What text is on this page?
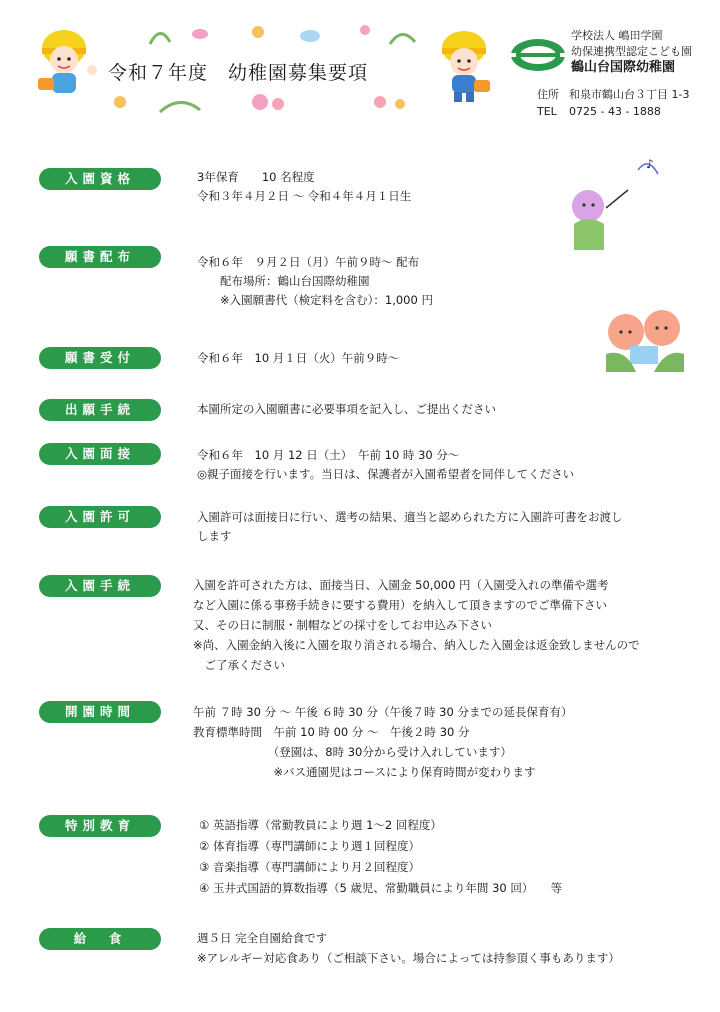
♪
令和７年度　幼稚園募集要項
学校法人 嶋田学園
幼保連携型認定こども園
鶴山台国際幼稚園
住所 和泉市鶴山台３丁目 1-3
TEL 0725 - 43 - 1888
入園資格	3年保育　　10 名程度
令和３年４月２日 ～ 令和４年４月１日生
願書配布	令和６年　９月２日（月）午前９時～ 配布
　　配布場所：鶴山台国際幼稚園
　　※入園願書代（検定料を含む）：1,000 円
願書受付	令和６年　10 月１日（火）午前９時～
出願手続	本園所定の入園願書に必要事項を記入し、ご提出ください
入園面接	令和６年　10 月 12 日（土）　午前 10 時 30 分～
◎親子面接を行います。当日は、保護者が入園希望者を同伴してください
入園許可	入園許可は面接日に行い、選考の結果、適当と認められた方に入園許可書をお渡し
します
入園手続	入園を許可された方は、面接当日、入園金 50,000 円（入園受入れの準備や選考
など入園に係る事務手続きに要する費用）を納入して頂きますのでご準備下さい
又、その日に制服・制帽などの採寸をしてお申込み下さい
※尚、入園金納入後に入園を取り消される場合、納入した入園金は返金致しませんので
　ご了承ください
開園時間	午前 ７時 30 分 ～ 午後 ６時 30 分（午後７時 30 分までの延長保育有）
教育標準時間　午前 10 時 00 分 ～　午後２時 30 分
　　　　　　　（登園は、8時 30分から受け入れしています）
　　　　　　　※バス通園児はコースにより保育時間が変わります
特別教育	① 英語指導（常勤教員により週 1～2 回程度）
② 体育指導（専門講師により週１回程度）
③ 音楽指導（専門講師により月２回程度）
④ 玉井式国語的算数指導（5 歳児、常勤職員により年間 30 回）　　等
給　食	週５日 完全自園給食です
※アレルギー対応食あり（ご相談下さい。場合によっては持参頂く事もあります）
